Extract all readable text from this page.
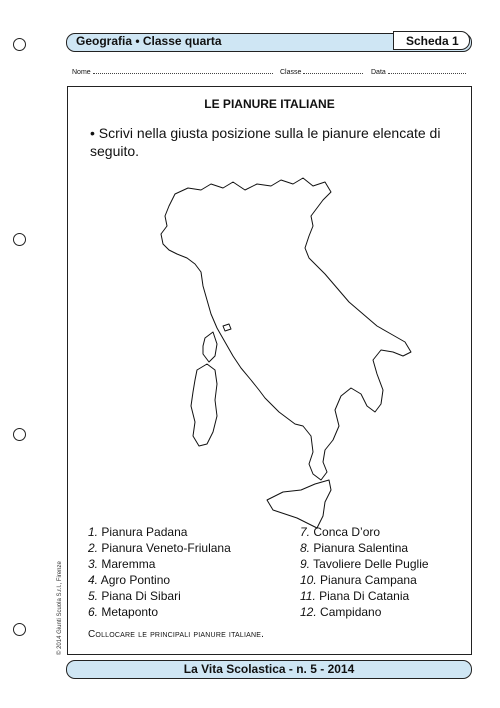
Geografia • Classe quarta	Scheda 1
Nome	Classe	Data
LE PIANURE ITALIANE
• Scrivi nella giusta posizione sulla le pianure elencate di seguito.
1. Pianura Padana
2. Pianura Veneto-Friulana
3. Maremma
4. Agro Pontino
5. Piana Di Sibari
6. Metaponto
7. Conca D’oro
8. Pianura Salentina
9. Tavoliere Delle Puglie
10. Pianura Campana
11. Piana Di Catania
12. Campidano
Collocare le principali pianure italiane.
© 2014 Giunti Scuola S.r.l., Firenze
La Vita Scolastica - n. 5 - 2014
